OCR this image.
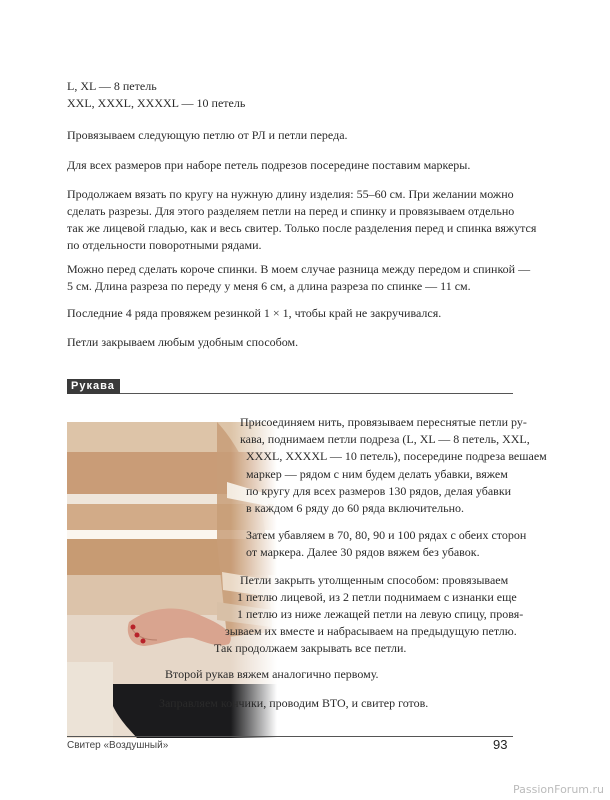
L, XL — 8 петель

XXL, XXXL, XXXXL — 10 петель

Провязываем следующую петлю от РЛ и петли переда.

Для всех размеров при наборе петель подрезов посередине поставим маркеры.

Продолжаем вязать по кругу на нужную длину изделия: 55–60 см. При желании можно

сделать разрезы. Для этого разделяем петли на перед и спинку и провязываем отдельно

так же лицевой гладью, как и весь свитер. Только после разделения перед и спинка вяжутся

по отдельности поворотными рядами.

Можно перед сделать короче спинки. В моем случае разница между передом и спинкой —

5 см. Длина разреза по переду у меня 6 см, а длина разреза по спинке — 11 см.

Последние 4 ряда провяжем резинкой 1 × 1, чтобы край не закручивался.

Петли закрываем любым удобным способом.

Рукава

Присоединяем нить, провязываем переснятые петли ру-

кава, поднимаем петли подреза (L, XL — 8 петель, XXL,

XXXL, XXXXL — 10 петель), посередине подреза вешаем

маркер — рядом с ним будем делать убавки, вяжем

по кругу для всех размеров 130 рядов, делая убавки

в каждом 6 ряду до 60 ряда включительно.

Затем убавляем в 70, 80, 90 и 100 рядах с обеих сторон

от маркера. Далее 30 рядов вяжем без убавок.

Петли закрыть утолщенным способом: провязываем

1 петлю лицевой, из 2 петли поднимаем с изнанки еще

1 петлю из ниже лежащей петли на левую спицу, провя-

зываем их вместе и набрасываем на предыдущую петлю.

Так продолжаем закрывать все петли.

Второй рукав вяжем аналогично первому.

Заправляем кончики, проводим ВТО, и свитер готов.

Свитер «Воздушный»	93
PassionForum.ru
